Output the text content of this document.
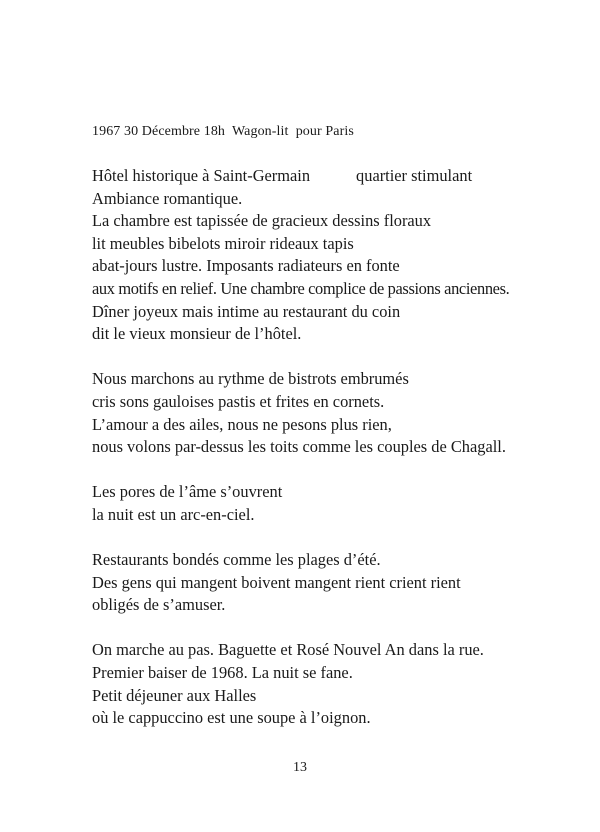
1967 30 Décembre 18h  Wagon-lit  pour Paris
Hôtel historique à Saint-Germain	quartier stimulant
Ambiance romantique.
La chambre est tapissée de gracieux dessins floraux
lit meubles bibelots miroir rideaux tapis
abat-jours lustre. Imposants radiateurs en fonte
aux motifs en relief. Une chambre complice de passions anciennes.
Dîner joyeux mais intime au restaurant du coin
dit le vieux monsieur de l’hôtel.
Nous marchons au rythme de bistrots embrumés
cris sons gauloises pastis et frites en cornets.
L’amour a des ailes, nous ne pesons plus rien,
nous volons par-dessus les toits comme les couples de Chagall.
Les pores de l’âme s’ouvrent
la nuit est un arc-en-ciel.
Restaurants bondés comme les plages d’été.
Des gens qui mangent boivent mangent rient crient rient
obligés de s’amuser.
On marche au pas. Baguette et Rosé Nouvel An dans la rue.
Premier baiser de 1968. La nuit se fane.
Petit déjeuner aux Halles
où le cappuccino est une soupe à l’oignon.
13
